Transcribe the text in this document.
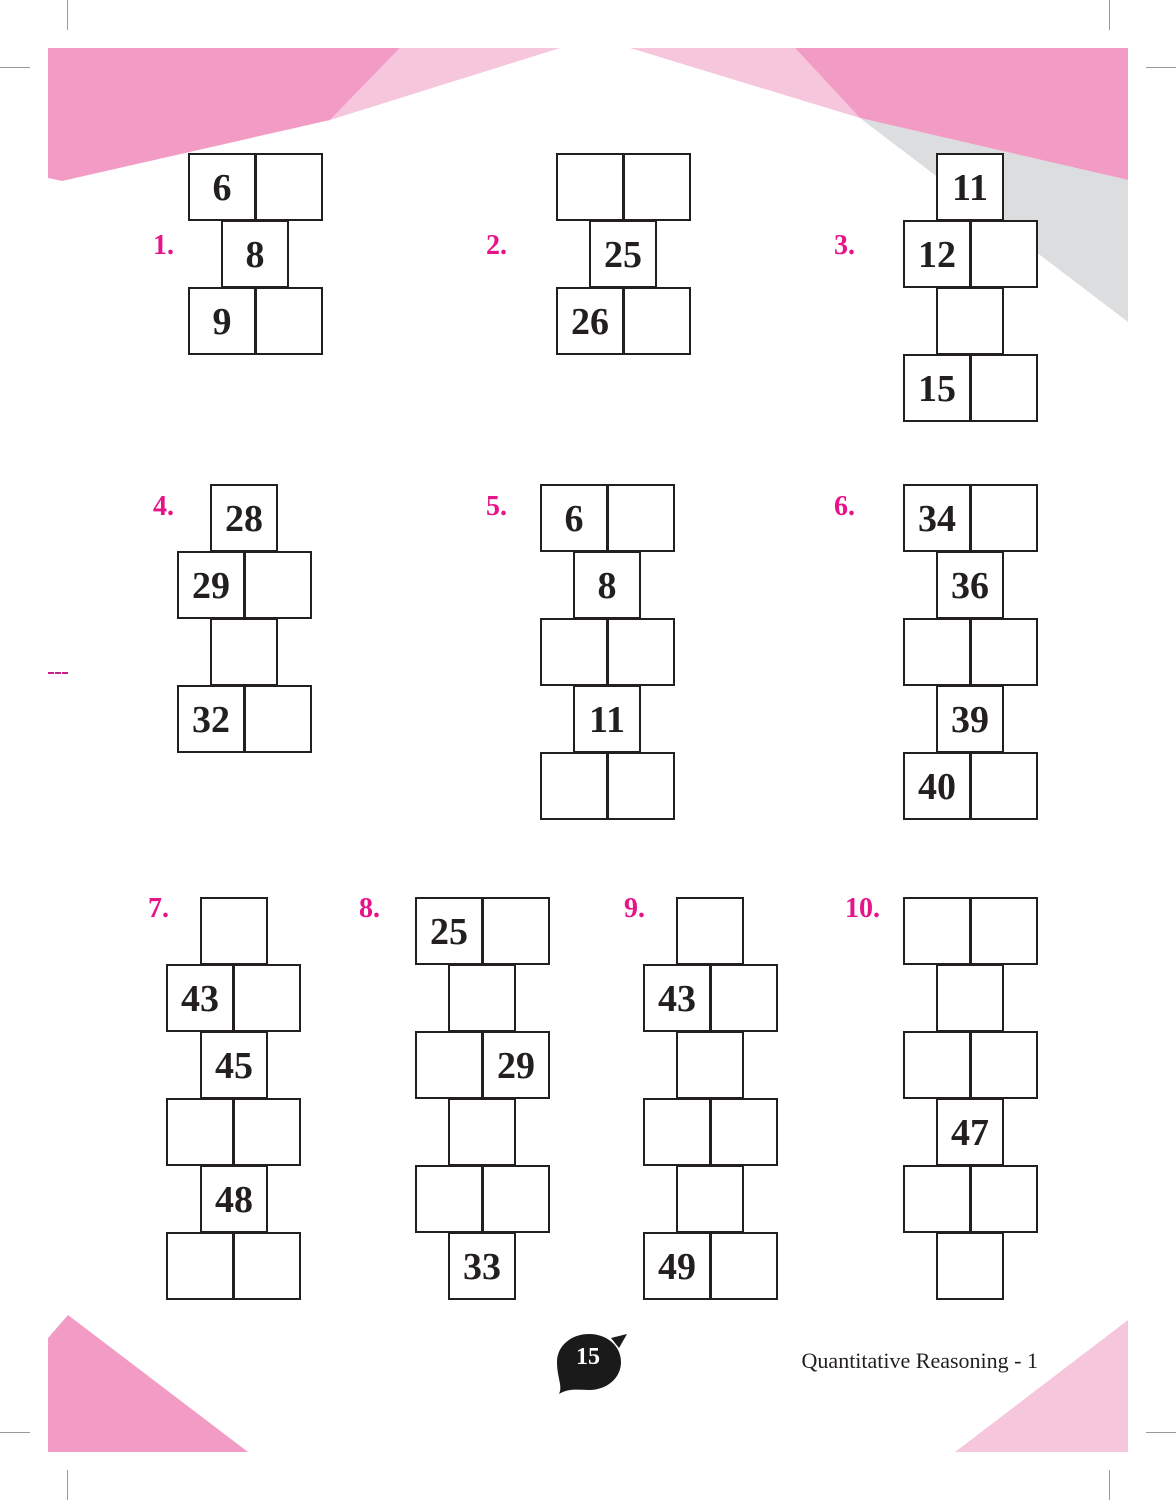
1.
6
8
9
2.	25
26
3.
11
12
15
4.	28
29
32
5.	6
8
11
6.	34
36
39
40
7.
43
45
48
8.
25
29
33
9.
43
49
10.
47
15	Quantitative Reasoning - 1
